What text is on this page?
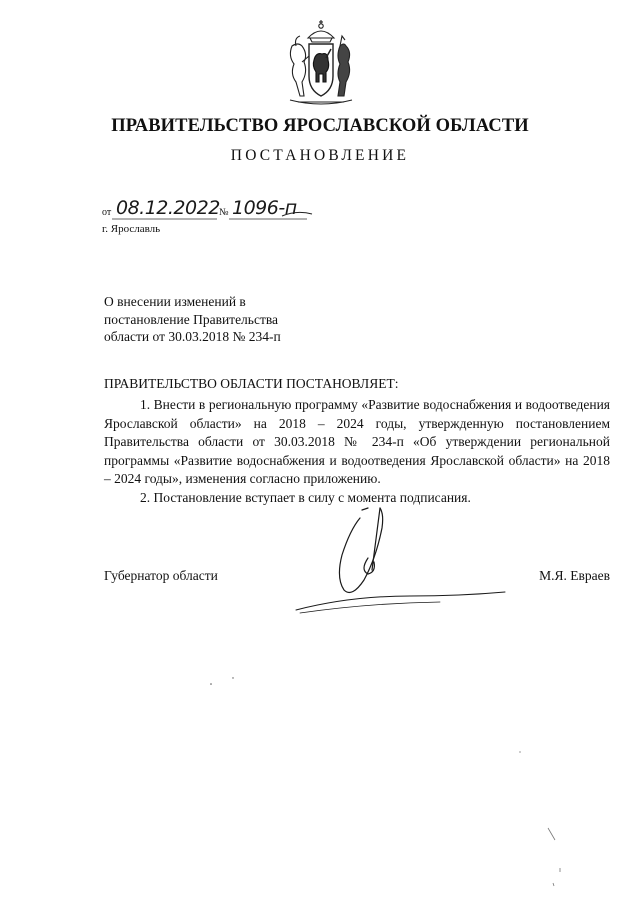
ПРАВИТЕЛЬСТВО ЯРОСЛАВСКОЙ ОБЛАСТИ
ПОСТАНОВЛЕНИЕ
от 08.12.2022 № 1096-п
г. Ярославль
О внесении изменений в
постановление Правительства
области от 30.03.2018 № 234-п
ПРАВИТЕЛЬСТВО ОБЛАСТИ ПОСТАНОВЛЯЕТ:

1. Внести в региональную программу «Развитие водоснабжения и водоотведения Ярославской области» на 2018 – 2024 годы, утвержденную постановлением Правительства области от 30.03.2018 № 234-п «Об утверждении региональной программы «Развитие водоснабжения и водоотведения Ярославской области» на 2018 – 2024 годы», изменения согласно приложению.

2. Постановление вступает в силу с момента подписания.

Губернатор области	М.Я. Евраев
